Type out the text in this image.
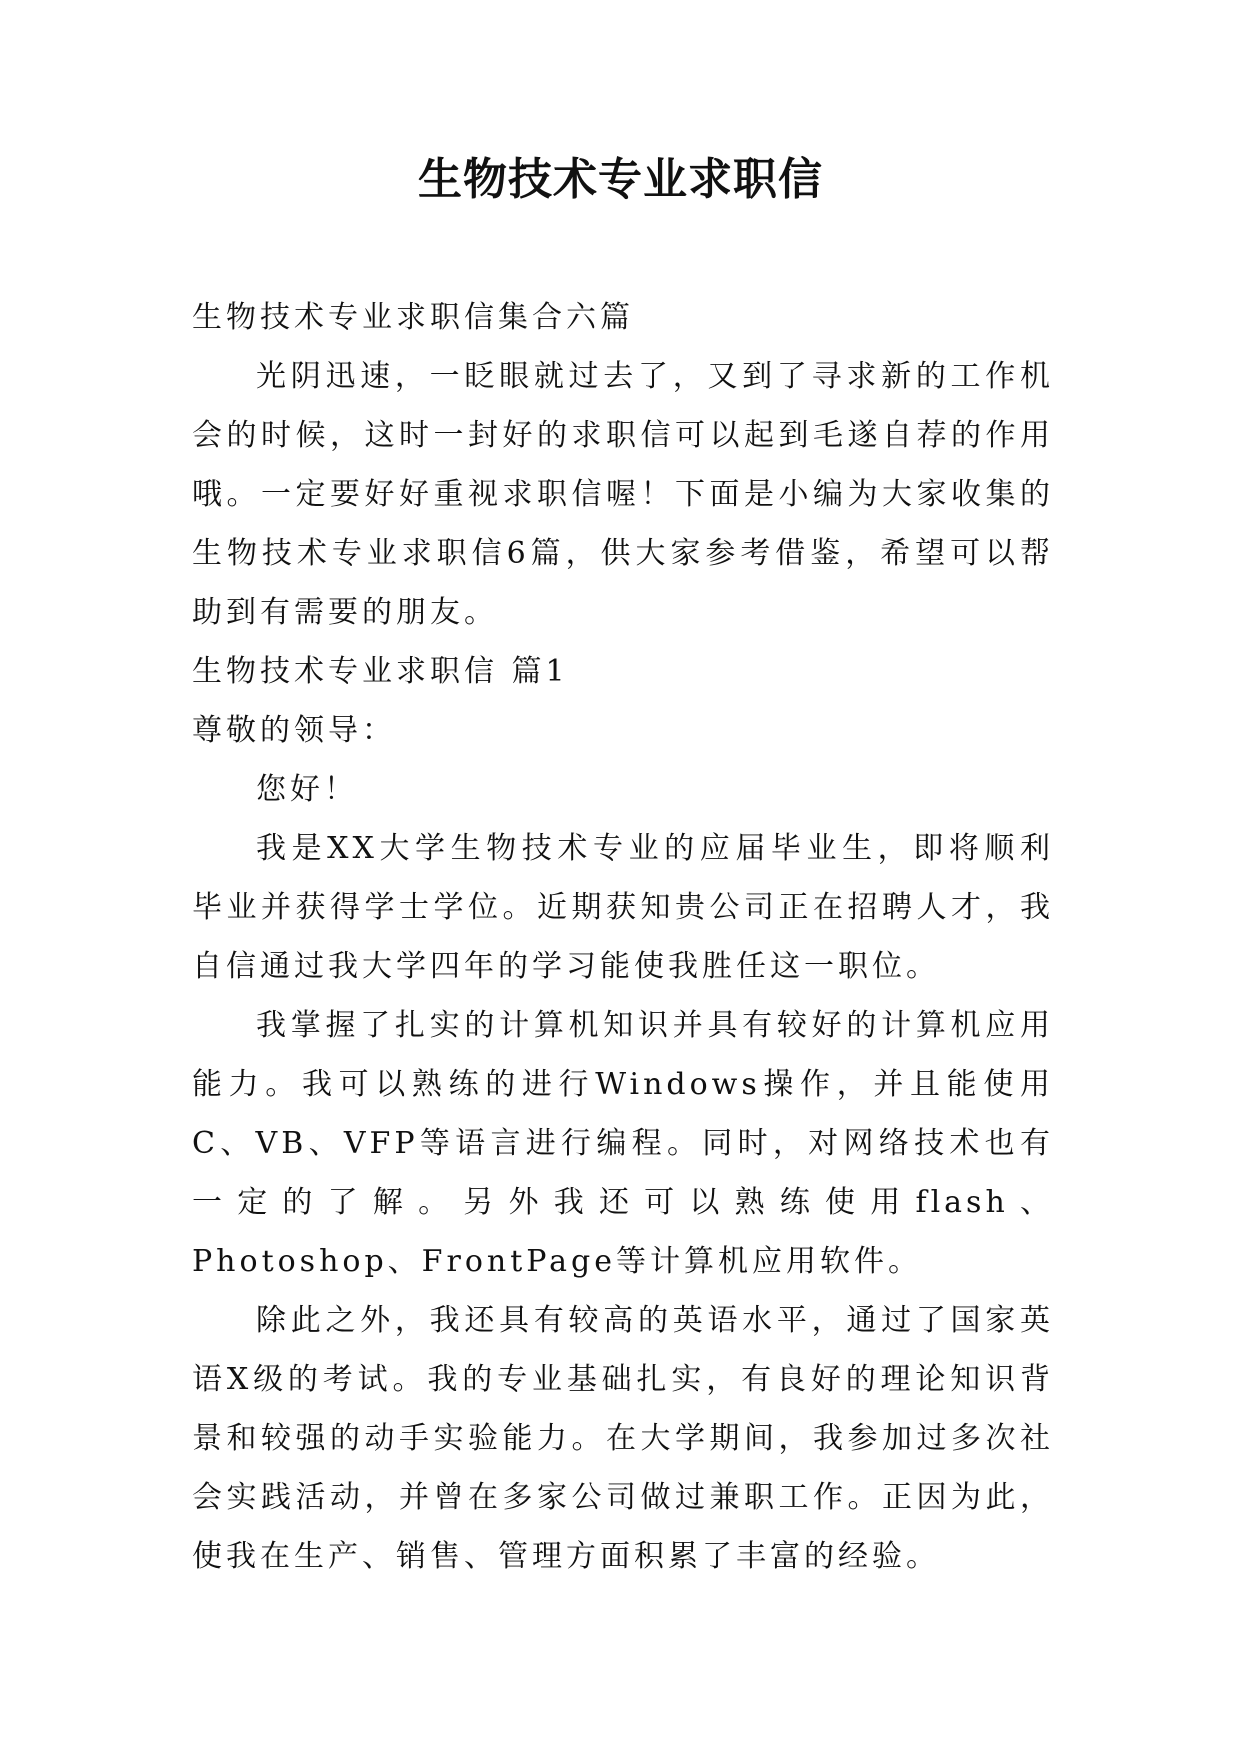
生物技术专业求职信

生物技术专业求职信集合六篇

光阴迅速，一眨眼就过去了，又到了寻求新的工作机会的时候，这时一封好的求职信可以起到毛遂自荐的作用哦。一定要好好重视求职信喔！下面是小编为大家收集的生物技术专业求职信6篇，供大家参考借鉴，希望可以帮助到有需要的朋友。

生物技术专业求职信 篇1

尊敬的领导：

您好！

我是XX大学生物技术专业的应届毕业生，即将顺利毕业并获得学士学位。近期获知贵公司正在招聘人才，我自信通过我大学四年的学习能使我胜任这一职位。

我掌握了扎实的计算机知识并具有较好的计算机应用能力。我可以熟练的进行Windows操作，并且能使用C、VB、VFP等语言进行编程。同时，对网络技术也有一定的了解。另外我还可以熟练使用flash、Photoshop、FrontPage等计算机应用软件。

除此之外，我还具有较高的英语水平，通过了国家英语X级的考试。我的专业基础扎实，有良好的理论知识背景和较强的动手实验能力。在大学期间，我参加过多次社会实践活动，并曾在多家公司做过兼职工作。正因为此，使我在生产、销售、管理方面积累了丰富的经验。
